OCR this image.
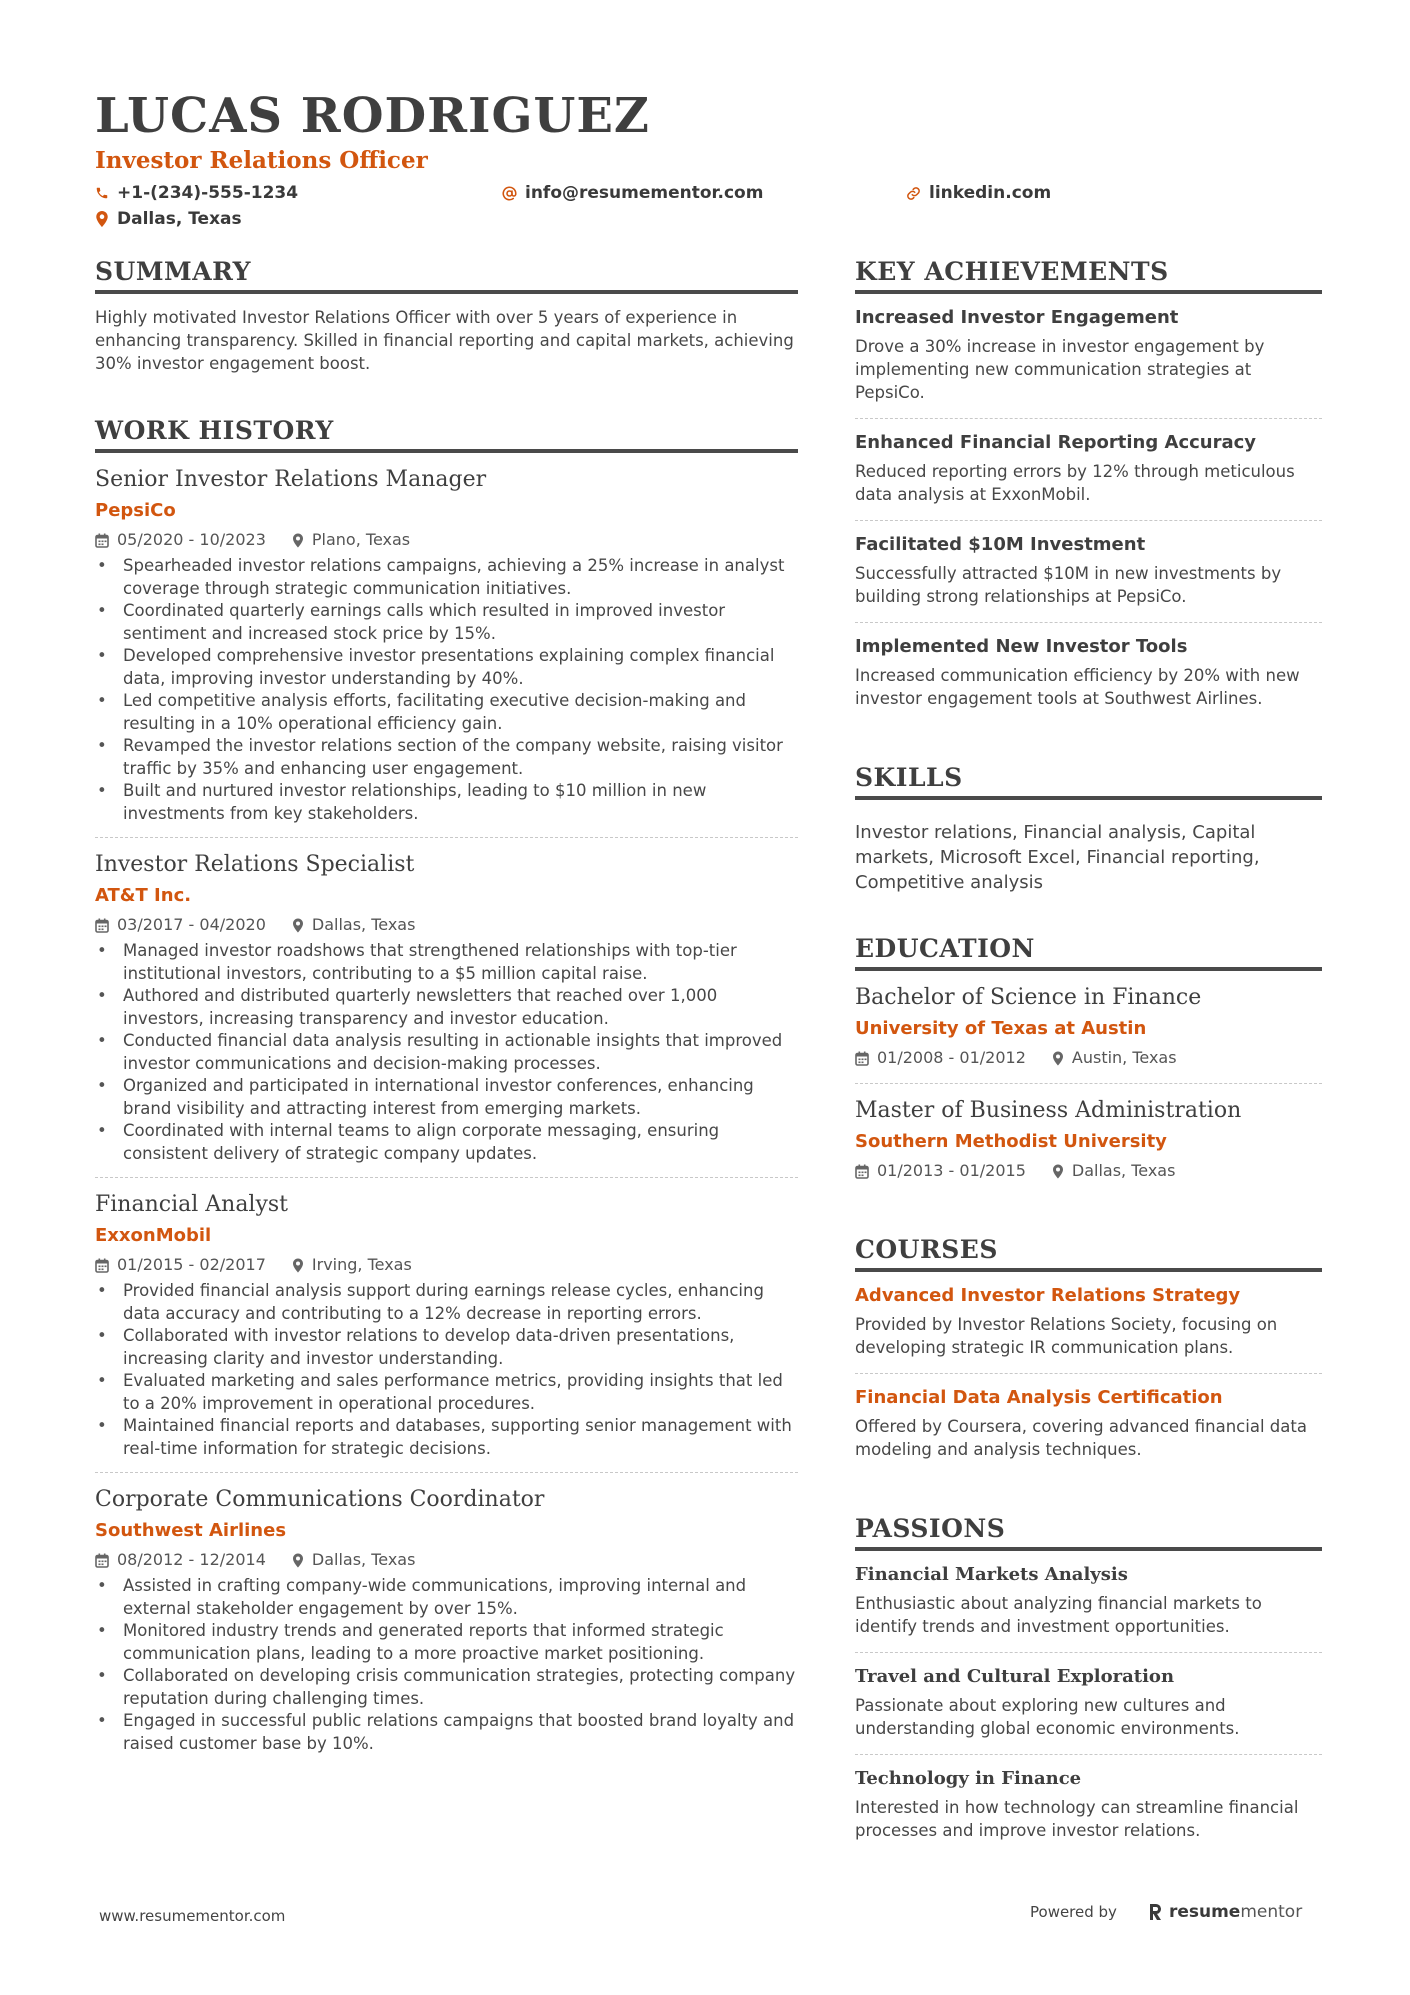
LUCAS RODRIGUEZ
Investor Relations Officer
+1-(234)-555-1234	info@resumementor.com	linkedin.com
Dallas, Texas
SUMMARY
Highly motivated Investor Relations Officer with over 5 years of experience in enhancing transparency. Skilled in financial reporting and capital markets, achieving 30% investor engagement boost.
WORK HISTORY
Senior Investor Relations Manager
PepsiCo
05/2020 - 10/2023	Plano, Texas
• Spearheaded investor relations campaigns, achieving a 25% increase in analyst coverage through strategic communication initiatives.
• Coordinated quarterly earnings calls which resulted in improved investor sentiment and increased stock price by 15%.
• Developed comprehensive investor presentations explaining complex financial data, improving investor understanding by 40%.
• Led competitive analysis efforts, facilitating executive decision-making and resulting in a 10% operational efficiency gain.
• Revamped the investor relations section of the company website, raising visitor traffic by 35% and enhancing user engagement.
• Built and nurtured investor relationships, leading to $10 million in new investments from key stakeholders.
Investor Relations Specialist
AT&T Inc.
03/2017 - 04/2020	Dallas, Texas
• Managed investor roadshows that strengthened relationships with top-tier institutional investors, contributing to a $5 million capital raise.
• Authored and distributed quarterly newsletters that reached over 1,000 investors, increasing transparency and investor education.
• Conducted financial data analysis resulting in actionable insights that improved investor communications and decision-making processes.
• Organized and participated in international investor conferences, enhancing brand visibility and attracting interest from emerging markets.
• Coordinated with internal teams to align corporate messaging, ensuring consistent delivery of strategic company updates.
Financial Analyst
ExxonMobil
01/2015 - 02/2017	Irving, Texas
• Provided financial analysis support during earnings release cycles, enhancing data accuracy and contributing to a 12% decrease in reporting errors.
• Collaborated with investor relations to develop data-driven presentations, increasing clarity and investor understanding.
• Evaluated marketing and sales performance metrics, providing insights that led to a 20% improvement in operational procedures.
• Maintained financial reports and databases, supporting senior management with real-time information for strategic decisions.
Corporate Communications Coordinator
Southwest Airlines
08/2012 - 12/2014	Dallas, Texas
• Assisted in crafting company-wide communications, improving internal and external stakeholder engagement by over 15%.
• Monitored industry trends and generated reports that informed strategic communication plans, leading to a more proactive market positioning.
• Collaborated on developing crisis communication strategies, protecting company reputation during challenging times.
• Engaged in successful public relations campaigns that boosted brand loyalty and raised customer base by 10%.
KEY ACHIEVEMENTS
Increased Investor Engagement
Drove a 30% increase in investor engagement by implementing new communication strategies at PepsiCo.
Enhanced Financial Reporting Accuracy
Reduced reporting errors by 12% through meticulous data analysis at ExxonMobil.
Facilitated $10M Investment
Successfully attracted $10M in new investments by building strong relationships at PepsiCo.
Implemented New Investor Tools
Increased communication efficiency by 20% with new investor engagement tools at Southwest Airlines.
SKILLS
Investor relations, Financial analysis, Capital markets, Microsoft Excel, Financial reporting, Competitive analysis
EDUCATION
Bachelor of Science in Finance
University of Texas at Austin
01/2008 - 01/2012	Austin, Texas
Master of Business Administration
Southern Methodist University
01/2013 - 01/2015	Dallas, Texas
COURSES
Advanced Investor Relations Strategy
Provided by Investor Relations Society, focusing on developing strategic IR communication plans.
Financial Data Analysis Certification
Offered by Coursera, covering advanced financial data modeling and analysis techniques.
PASSIONS
Financial Markets Analysis
Enthusiastic about analyzing financial markets to identify trends and investment opportunities.
Travel and Cultural Exploration
Passionate about exploring new cultures and understanding global economic environments.
Technology in Finance
Interested in how technology can streamline financial processes and improve investor relations.
www.resumementor.com	Powered by	resume mentor
